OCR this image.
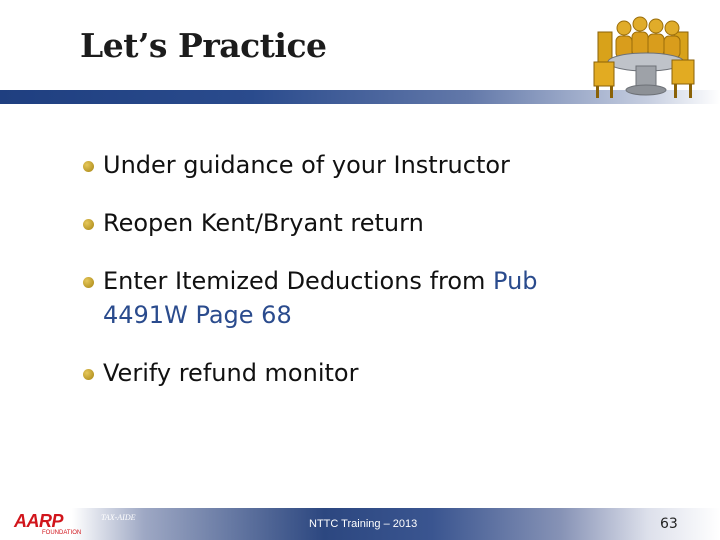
Let’s Practice
Under guidance of your Instructor
Reopen Kent/Bryant return
Enter Itemized Deductions from Pub 4491W Page 68
Verify refund monitor
AARP
FOUNDATION
TAX-AIDE
NTTC Training – 2013	63
